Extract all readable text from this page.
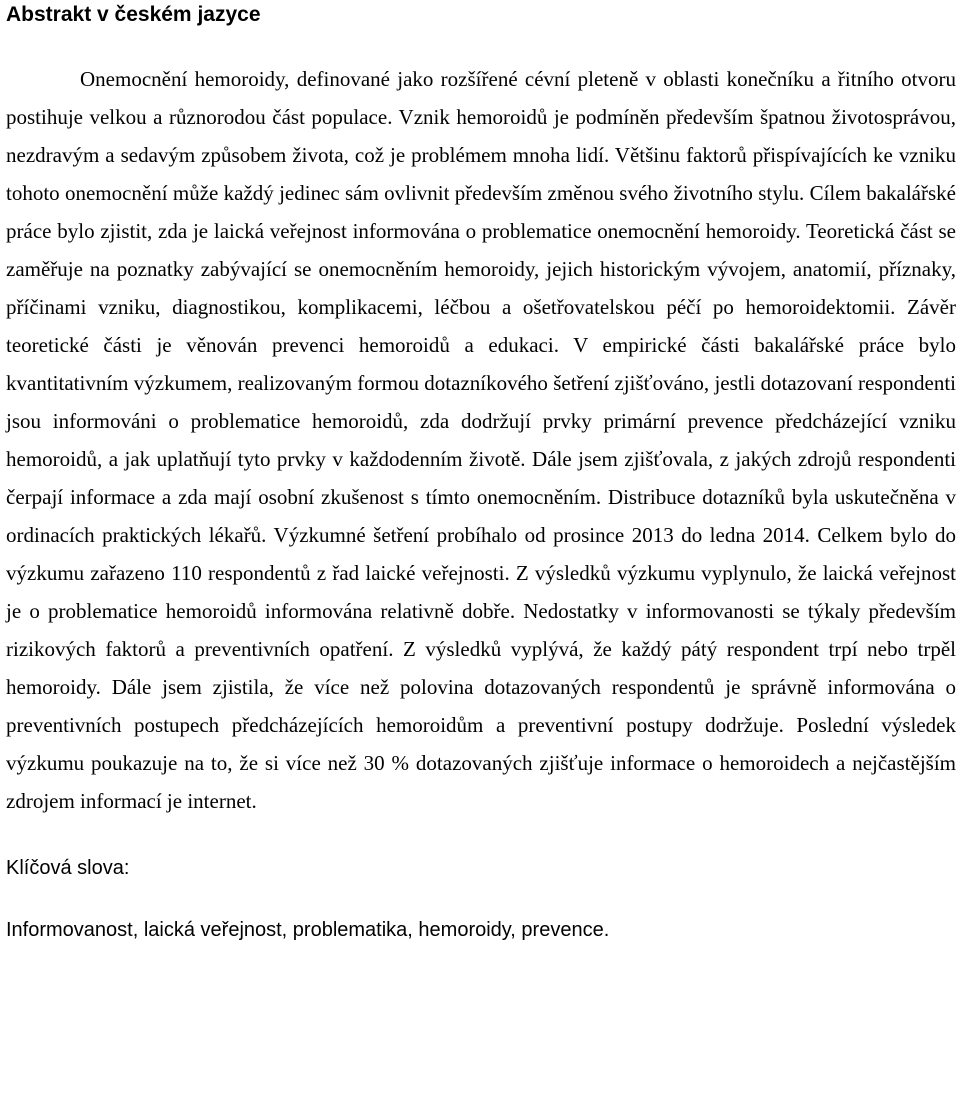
Abstrakt v českém jazyce

Onemocnění hemoroidy, definované jako rozšířené cévní pleteně v oblasti konečníku a řitního otvoru postihuje velkou a různorodou část populace. Vznik hemoroidů je podmíněn především špatnou životosprávou, nezdravým a sedavým způsobem života, což je problémem mnoha lidí. Většinu faktorů přispívajících ke vzniku tohoto onemocnění může každý jedinec sám ovlivnit především změnou svého životního stylu. Cílem bakalářské práce bylo zjistit, zda je laická veřejnost informována o problematice onemocnění hemoroidy. Teoretická část se zaměřuje na poznatky zabývající se onemocněním hemoroidy, jejich historickým vývojem, anatomií, příznaky, příčinami vzniku, diagnostikou, komplikacemi, léčbou a ošetřovatelskou péčí po hemoroidektomii. Závěr teoretické části je věnován prevenci hemoroidů a edukaci. V empirické části bakalářské práce bylo kvantitativním výzkumem, realizovaným formou dotazníkového šetření zjišťováno, jestli dotazovaní respondenti jsou informováni o problematice hemoroidů, zda dodržují prvky primární prevence předcházející vzniku hemoroidů, a jak uplatňují tyto prvky v každodenním životě. Dále jsem zjišťovala, z jakých zdrojů respondenti čerpají informace a zda mají osobní zkušenost s tímto onemocněním. Distribuce dotazníků byla uskutečněna v ordinacích praktických lékařů. Výzkumné šetření probíhalo od prosince 2013 do ledna 2014. Celkem bylo do výzkumu zařazeno 110 respondentů z řad laické veřejnosti. Z výsledků výzkumu vyplynulo, že laická veřejnost je o problematice hemoroidů informována relativně dobře. Nedostatky v informovanosti se týkaly především rizikových faktorů a preventivních opatření. Z výsledků vyplývá, že každý pátý respondent trpí nebo trpěl hemoroidy. Dále jsem zjistila, že více než polovina dotazovaných respondentů je správně informována o preventivních postupech předcházejících hemoroidům a preventivní postupy dodržuje. Poslední výsledek výzkumu poukazuje na to, že si více než 30 % dotazovaných zjišťuje informace o hemoroidech a nejčastějším zdrojem informací je internet.

Klíčová slova:

Informovanost, laická veřejnost, problematika, hemoroidy, prevence.
